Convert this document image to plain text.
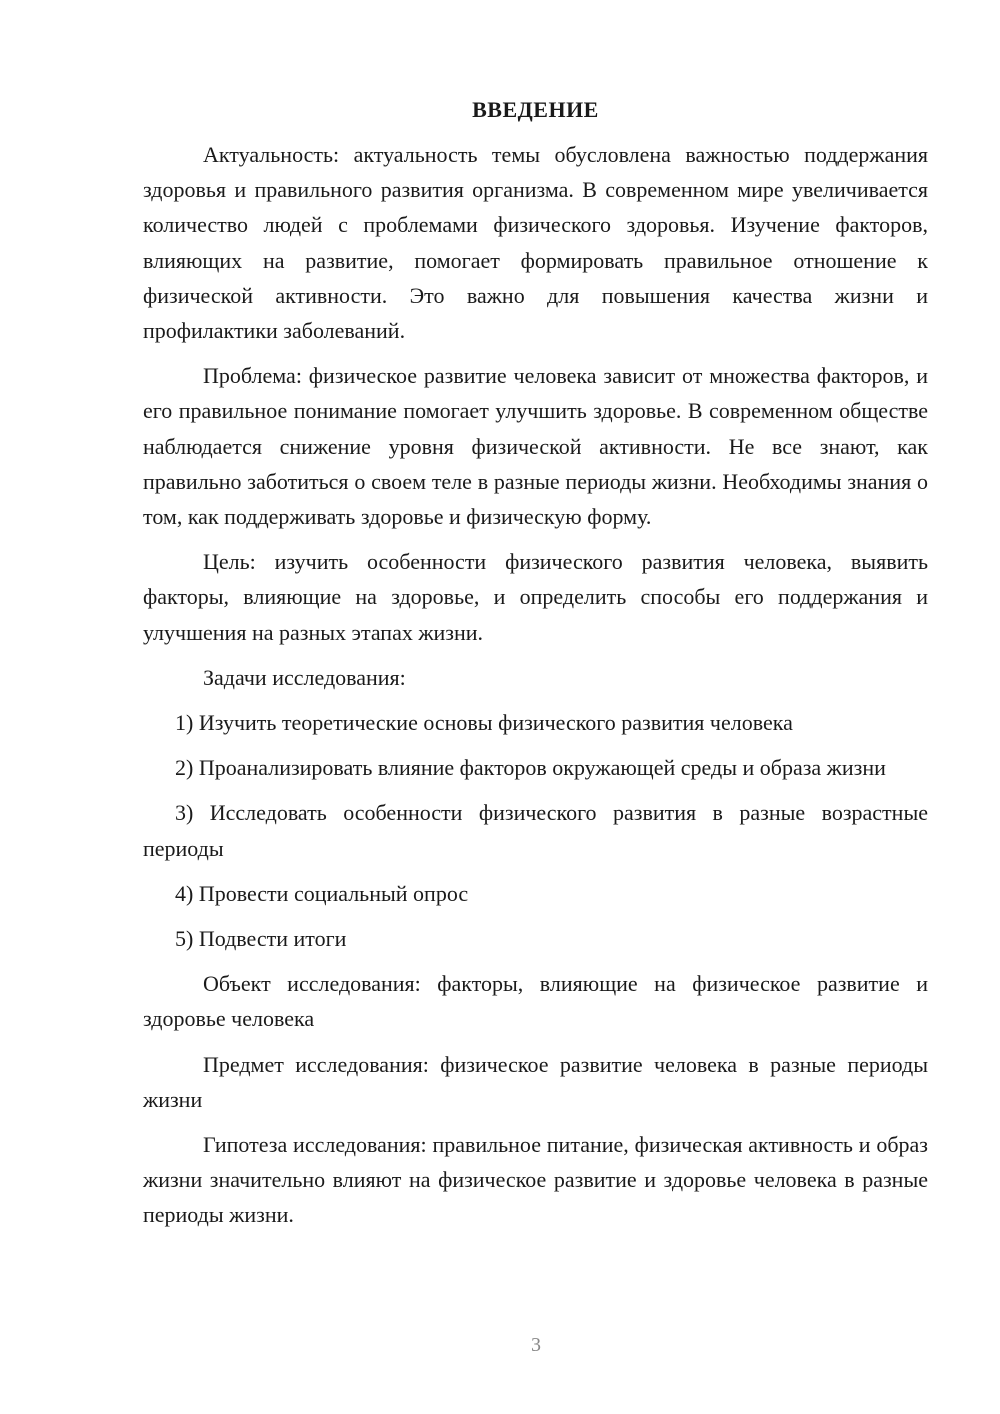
ВВЕДЕНИЕ

Актуальность: актуальность темы обусловлена важностью поддержания здоровья и правильного развития организма. В современном мире увеличивается количество людей с проблемами физического здоровья. Изучение факторов, влияющих на развитие, помогает формировать правильное отношение к физической активности. Это важно для повышения качества жизни и профилактики заболеваний.

Проблема: физическое развитие человека зависит от множества факторов, и его правильное понимание помогает улучшить здоровье. В современном обществе наблюдается снижение уровня физической активности. Не все знают, как правильно заботиться о своем теле в разные периоды жизни. Необходимы знания о том, как поддерживать здоровье и физическую форму.

Цель: изучить особенности физического развития человека, выявить факторы, влияющие на здоровье, и определить способы его поддержания и улучшения на разных этапах жизни.

Задачи исследования:

1) Изучить теоретические основы физического развития человека

2) Проанализировать влияние факторов окружающей среды и образа жизни

3) Исследовать особенности физического развития в разные возрастные периоды

4) Провести социальный опрос

5) Подвести итоги

Объект исследования: факторы, влияющие на физическое развитие и здоровье человека

Предмет исследования: физическое развитие человека в разные периоды жизни

Гипотеза исследования: правильное питание, физическая активность и образ жизни значительно влияют на физическое развитие и здоровье человека в разные периоды жизни.

3
